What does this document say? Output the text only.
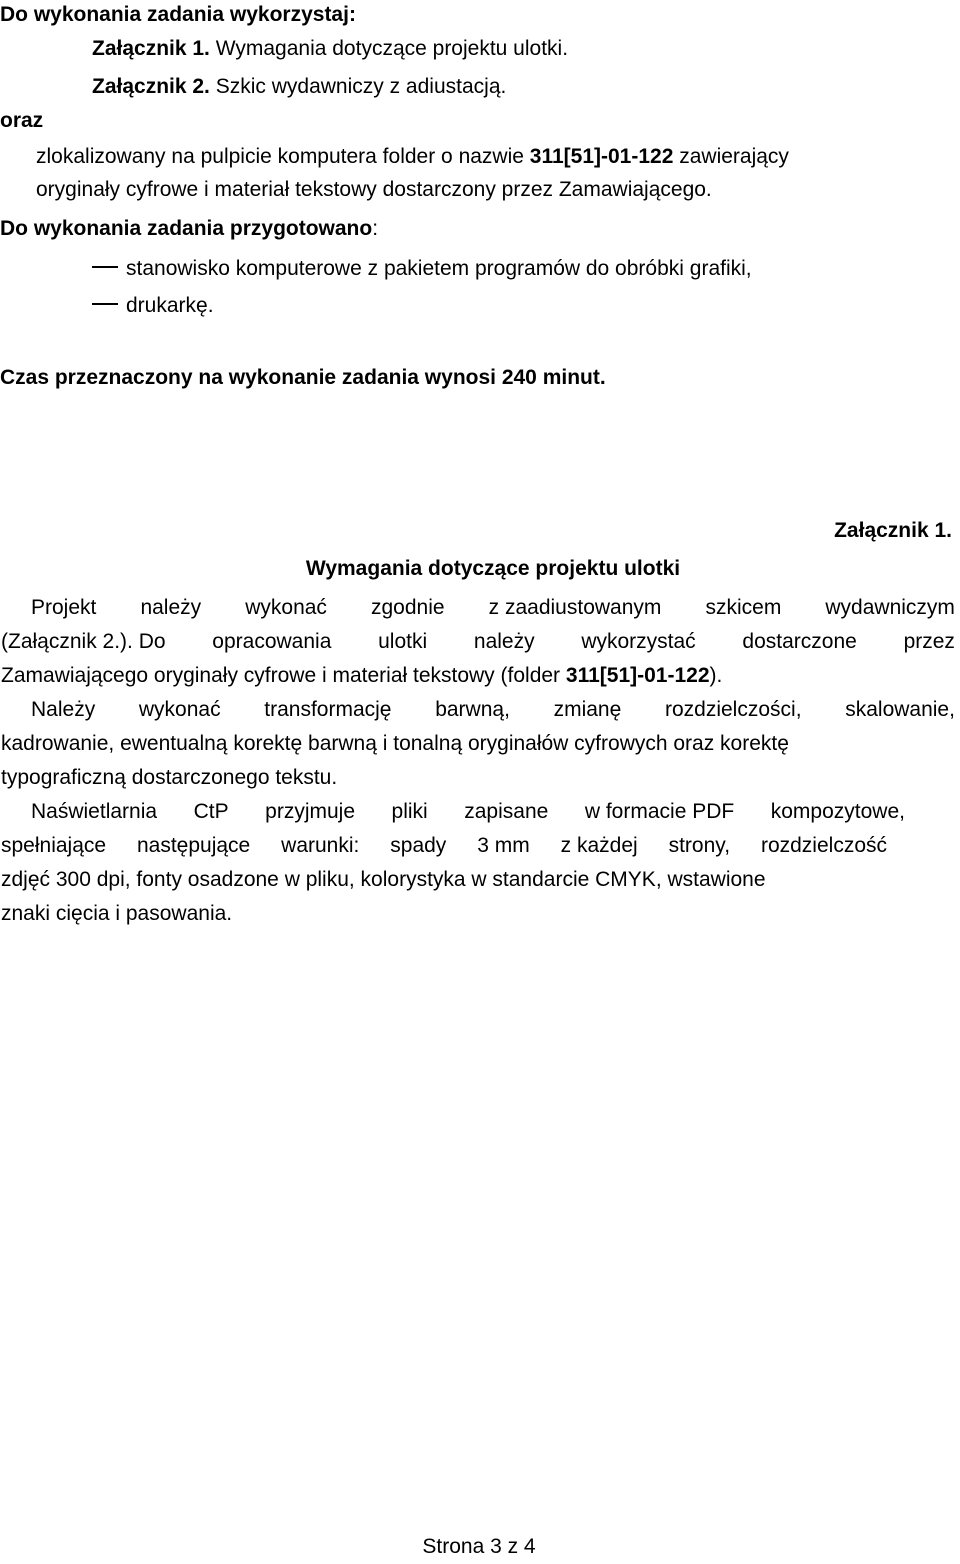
Do wykonania zadania wykorzystaj:
Załącznik 1. Wymagania dotyczące projektu ulotki.
Załącznik 2. Szkic wydawniczy z adiustacją.
oraz
zlokalizowany na pulpicie komputera folder o nazwie 311[51]-01-122 zawierający
oryginały cyfrowe i materiał tekstowy dostarczony przez Zamawiającego.
Do wykonania zadania przygotowano:
stanowisko komputerowe z pakietem programów do obróbki grafiki,
drukarkę.
Czas przeznaczony na wykonanie zadania wynosi 240 minut.
Załącznik 1.
Wymagania dotyczące projektu ulotki
Projekt należy wykonać zgodnie z zaadiustowanym szkicem wydawniczym
(Załącznik 2.). Do opracowania ulotki należy wykorzystać dostarczone przez
Zamawiającego oryginały cyfrowe i materiał tekstowy (folder 311[51]-01-122).
Należy wykonać transformację barwną, zmianę rozdzielczości, skalowanie,
kadrowanie, ewentualną korektę barwną i tonalną oryginałów cyfrowych oraz korektę
typograficzną dostarczonego tekstu.
Naświetlarnia CtP przyjmuje pliki zapisane w formacie PDF kompozytowe,
spełniające następujące warunki: spady 3 mm z każdej strony, rozdzielczość
zdjęć 300 dpi, fonty osadzone w pliku, kolorystyka w standarcie CMYK, wstawione
znaki cięcia i pasowania.
Strona 3 z 4
